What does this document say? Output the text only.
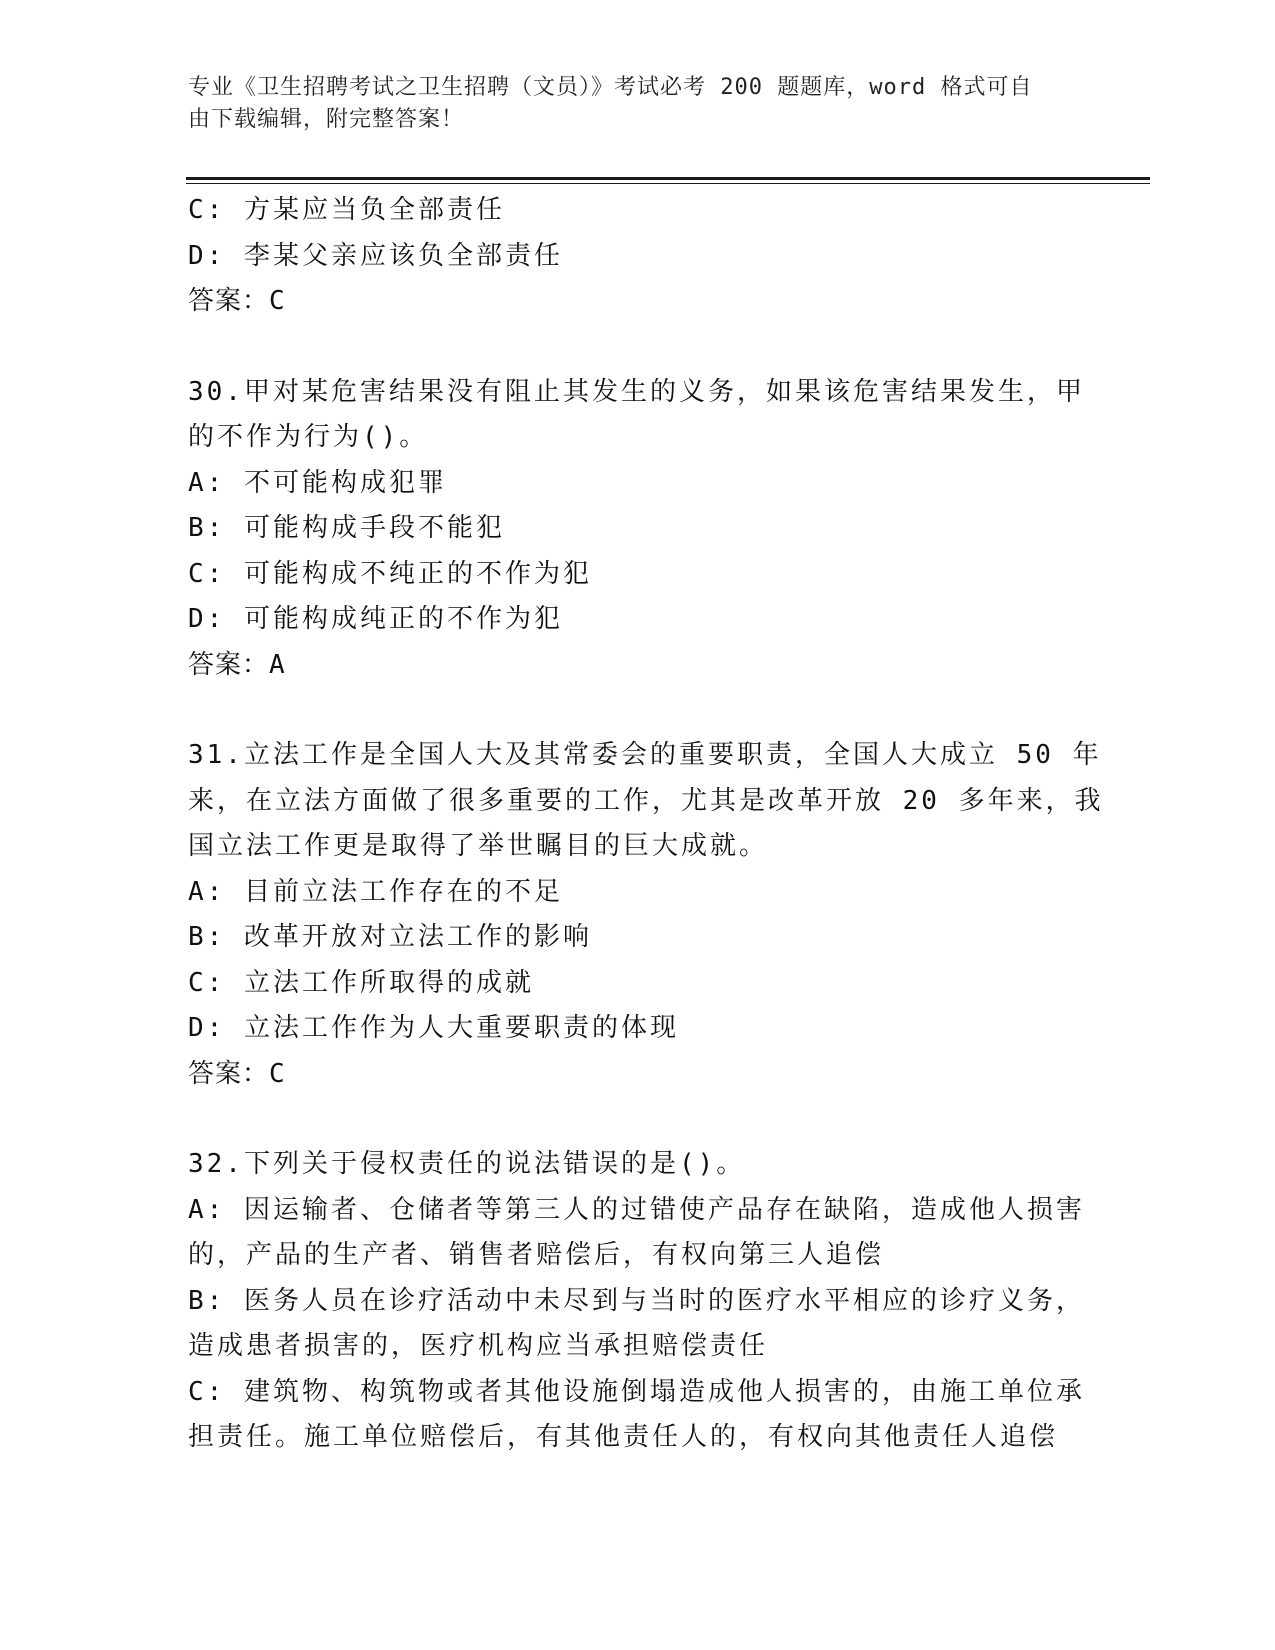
专业《卫生招聘考试之卫生招聘（文员）》考试必考 200 题题库，word 格式可自
由下载编辑，附完整答案！
C: 方某应当负全部责任
D: 李某父亲应该负全部责任
答案：C
30.甲对某危害结果没有阻止其发生的义务，如果该危害结果发生，甲
的不作为行为()。
A: 不可能构成犯罪
B: 可能构成手段不能犯
C: 可能构成不纯正的不作为犯
D: 可能构成纯正的不作为犯
答案：A
31.立法工作是全国人大及其常委会的重要职责，全国人大成立 50 年
来，在立法方面做了很多重要的工作，尤其是改革开放 20 多年来，我
国立法工作更是取得了举世瞩目的巨大成就。
A: 目前立法工作存在的不足
B: 改革开放对立法工作的影响
C: 立法工作所取得的成就
D: 立法工作作为人大重要职责的体现
答案：C
32.下列关于侵权责任的说法错误的是()。
A: 因运输者、仓储者等第三人的过错使产品存在缺陷，造成他人损害
的，产品的生产者、销售者赔偿后，有权向第三人追偿
B: 医务人员在诊疗活动中未尽到与当时的医疗水平相应的诊疗义务，
造成患者损害的，医疗机构应当承担赔偿责任
C: 建筑物、构筑物或者其他设施倒塌造成他人损害的，由施工单位承
担责任。施工单位赔偿后，有其他责任人的，有权向其他责任人追偿
